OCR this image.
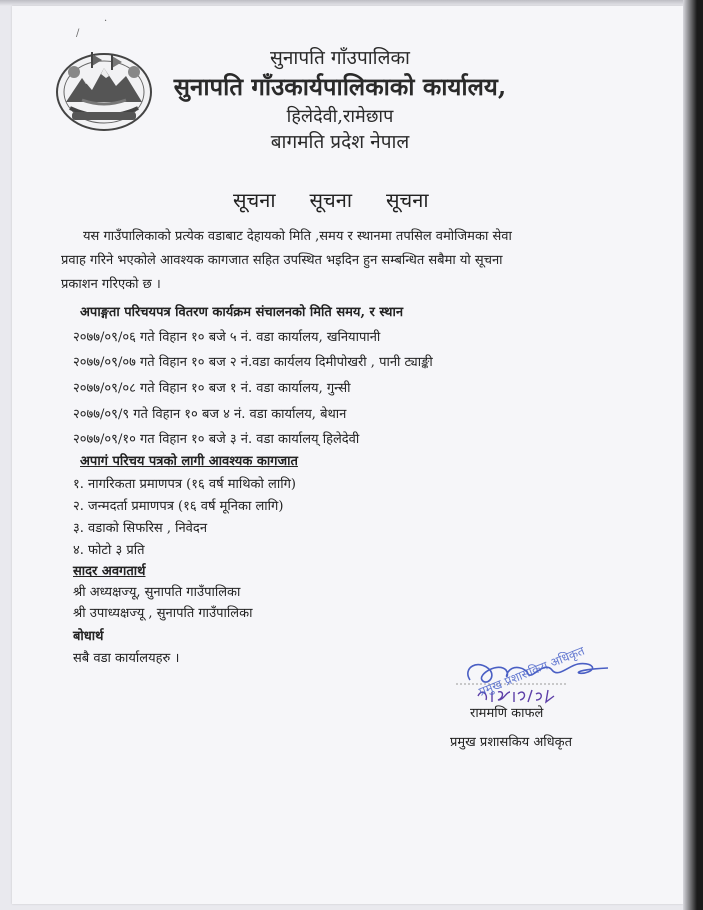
/
·
सुनापति गाँउपालिका
सुनापति गाँउकार्यपालिकाको कार्यालय,
हिलेदेवी,रामेछाप
बागमति प्रदेश नेपाल
सूचना सूचना सूचना
यस गाउँपालिकाको प्रत्येक वडाबाट देहायको मिति ,समय र स्थानमा तपसिल वमोजिमका सेवा
प्रवाह गरिने भएकोले आवश्यक कागजात सहित उपस्थित भइदिन हुन सम्बन्धित सबैमा यो सूचना
प्रकाशन गरिएको छ ।
अपाङ्गता परिचयपत्र वितरण कार्यक्रम संचालनको मिति समय, र स्थान
२०७७/०९/०६ गते विहान १० बजे ५ नं. वडा कार्यालय, खनियापानी
२०७७/०९/०७ गते विहान १० बज २ नं.वडा कार्यलय दिमीपोखरी , पानी ट्याङ्की
२०७७/०९/०८ गते विहान १० बज १ नं. वडा कार्यालय, गुन्सी
२०७७/०९/९ गते विहान १० बज ४ नं. वडा कार्यालय, बेथान
२०७७/०९/१० गत विहान १० बजे ३ नं. वडा कार्यालय् हिलेदेवी
अपागं परिचय पत्रको लागी आवश्यक कागजात
१. नागरिकता प्रमाणपत्र (१६ वर्ष माथिको लागि)
२. जन्मदर्ता प्रमाणपत्र (१६ वर्ष मूनिका लागि)
३. वडाको सिफरिस , निवेदन
४. फोटो ३ प्रति
सादर अवगतार्थ
श्री अध्यक्षज्यू, सुनापति गाउँपालिका
श्री उपाध्यक्षज्यू , सुनापति गाउँपालिका
बोधार्थ
सबै वडा कार्यालयहरु ।
२०७७/०९/०४ प्रमुख प्रशासकिय अधिकृत
राममणि काफले
प्रमुख प्रशासकिय अधिकृत
